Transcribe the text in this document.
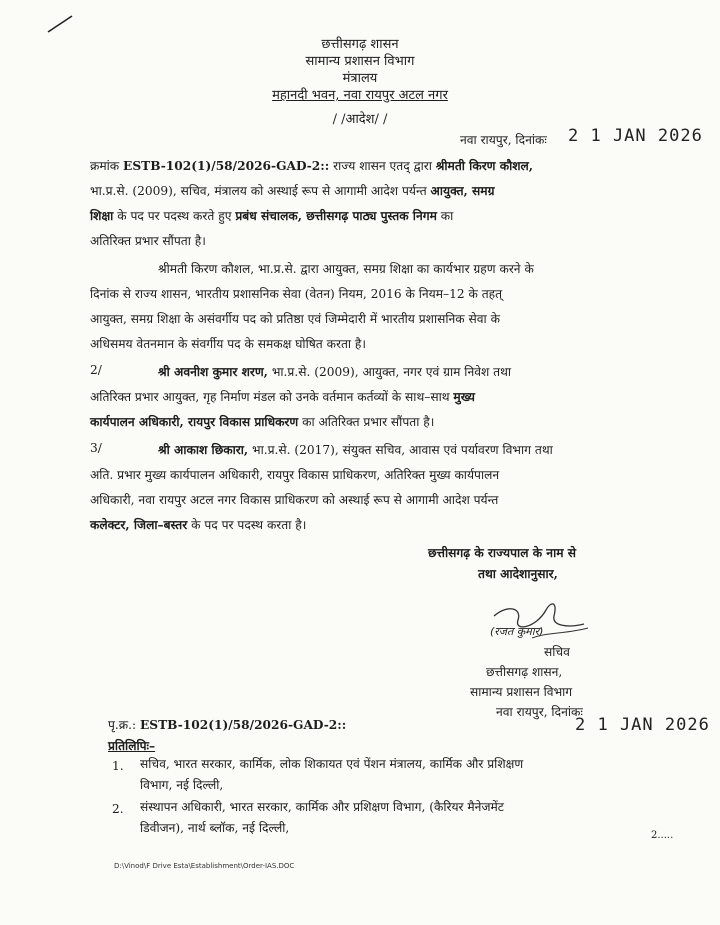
छत्तीसगढ़ शासन
सामान्य प्रशासन विभाग
मंत्रालय
महानदी भवन, नवा रायपुर अटल नगर
/ /आदेश/ /
नवा रायपुर, दिनांकः 2 1 JAN 2026
क्रमांक ESTB-102(1)/58/2026-GAD-2:: राज्य शासन एतद् द्वारा श्रीमती किरण कौशल,
भा.प्र.से. (2009), सचिव, मंत्रालय को अस्थाई रूप से आगामी आदेश पर्यन्त आयुक्त, समग्र
शिक्षा के पद पर पदस्थ करते हुए प्रबंध संचालक, छत्तीसगढ़ पाठ्य पुस्तक निगम का
अतिरिक्त प्रभार सौंपता है।
श्रीमती किरण कौशल, भा.प्र.से. द्वारा आयुक्त, समग्र शिक्षा का कार्यभार ग्रहण करने के
दिनांक से राज्य शासन, भारतीय प्रशासनिक सेवा (वेतन) नियम, 2016 के नियम–12 के तहत्
आयुक्त, समग्र शिक्षा के असंवर्गीय पद को प्रतिष्ठा एवं जिम्मेदारी में भारतीय प्रशासनिक सेवा के
अधिसमय वेतनमान के संवर्गीय पद के समकक्ष घोषित करता है।
2/	श्री अवनीश कुमार शरण, भा.प्र.से. (2009), आयुक्त, नगर एवं ग्राम निवेश तथा
अतिरिक्त प्रभार आयुक्त, गृह निर्माण मंडल को उनके वर्तमान कर्तव्यों के साथ–साथ मुख्य
कार्यपालन अधिकारी, रायपुर विकास प्राधिकरण का अतिरिक्त प्रभार सौंपता है।
3/	श्री आकाश छिकारा, भा.प्र.से. (2017), संयुक्त सचिव, आवास एवं पर्यावरण विभाग तथा
अति. प्रभार मुख्य कार्यपालन अधिकारी, रायपुर विकास प्राधिकरण, अतिरिक्त मुख्य कार्यपालन
अधिकारी, नवा रायपुर अटल नगर विकास प्राधिकरण को अस्थाई रूप से आगामी आदेश पर्यन्त
कलेक्टर, जिला–बस्तर के पद पर पदस्थ करता है।
छत्तीसगढ़ के राज्यपाल के नाम से
तथा आदेशानुसार,
(रजत कुमार)
सचिव
छत्तीसगढ़ शासन,
सामान्य प्रशासन विभाग
नवा रायपुर, दिनांकः
2 1 JAN 2026
पृ.क्र.: ESTB-102(1)/58/2026-GAD-2::
प्रतिलिपिः–
1. सचिव, भारत सरकार, कार्मिक, लोक शिकायत एवं पेंशन मंत्रालय, कार्मिक और प्रशिक्षण
विभाग, नई दिल्ली,
2. संस्थापन अधिकारी, भारत सरकार, कार्मिक और प्रशिक्षण विभाग, (कैरियर मैनेजमेंट
डिवीजन), नार्थ ब्लॉक, नई दिल्ली,
2.....
D:\Vinod\F Drive Esta\Establishment\Order-IAS.DOC
